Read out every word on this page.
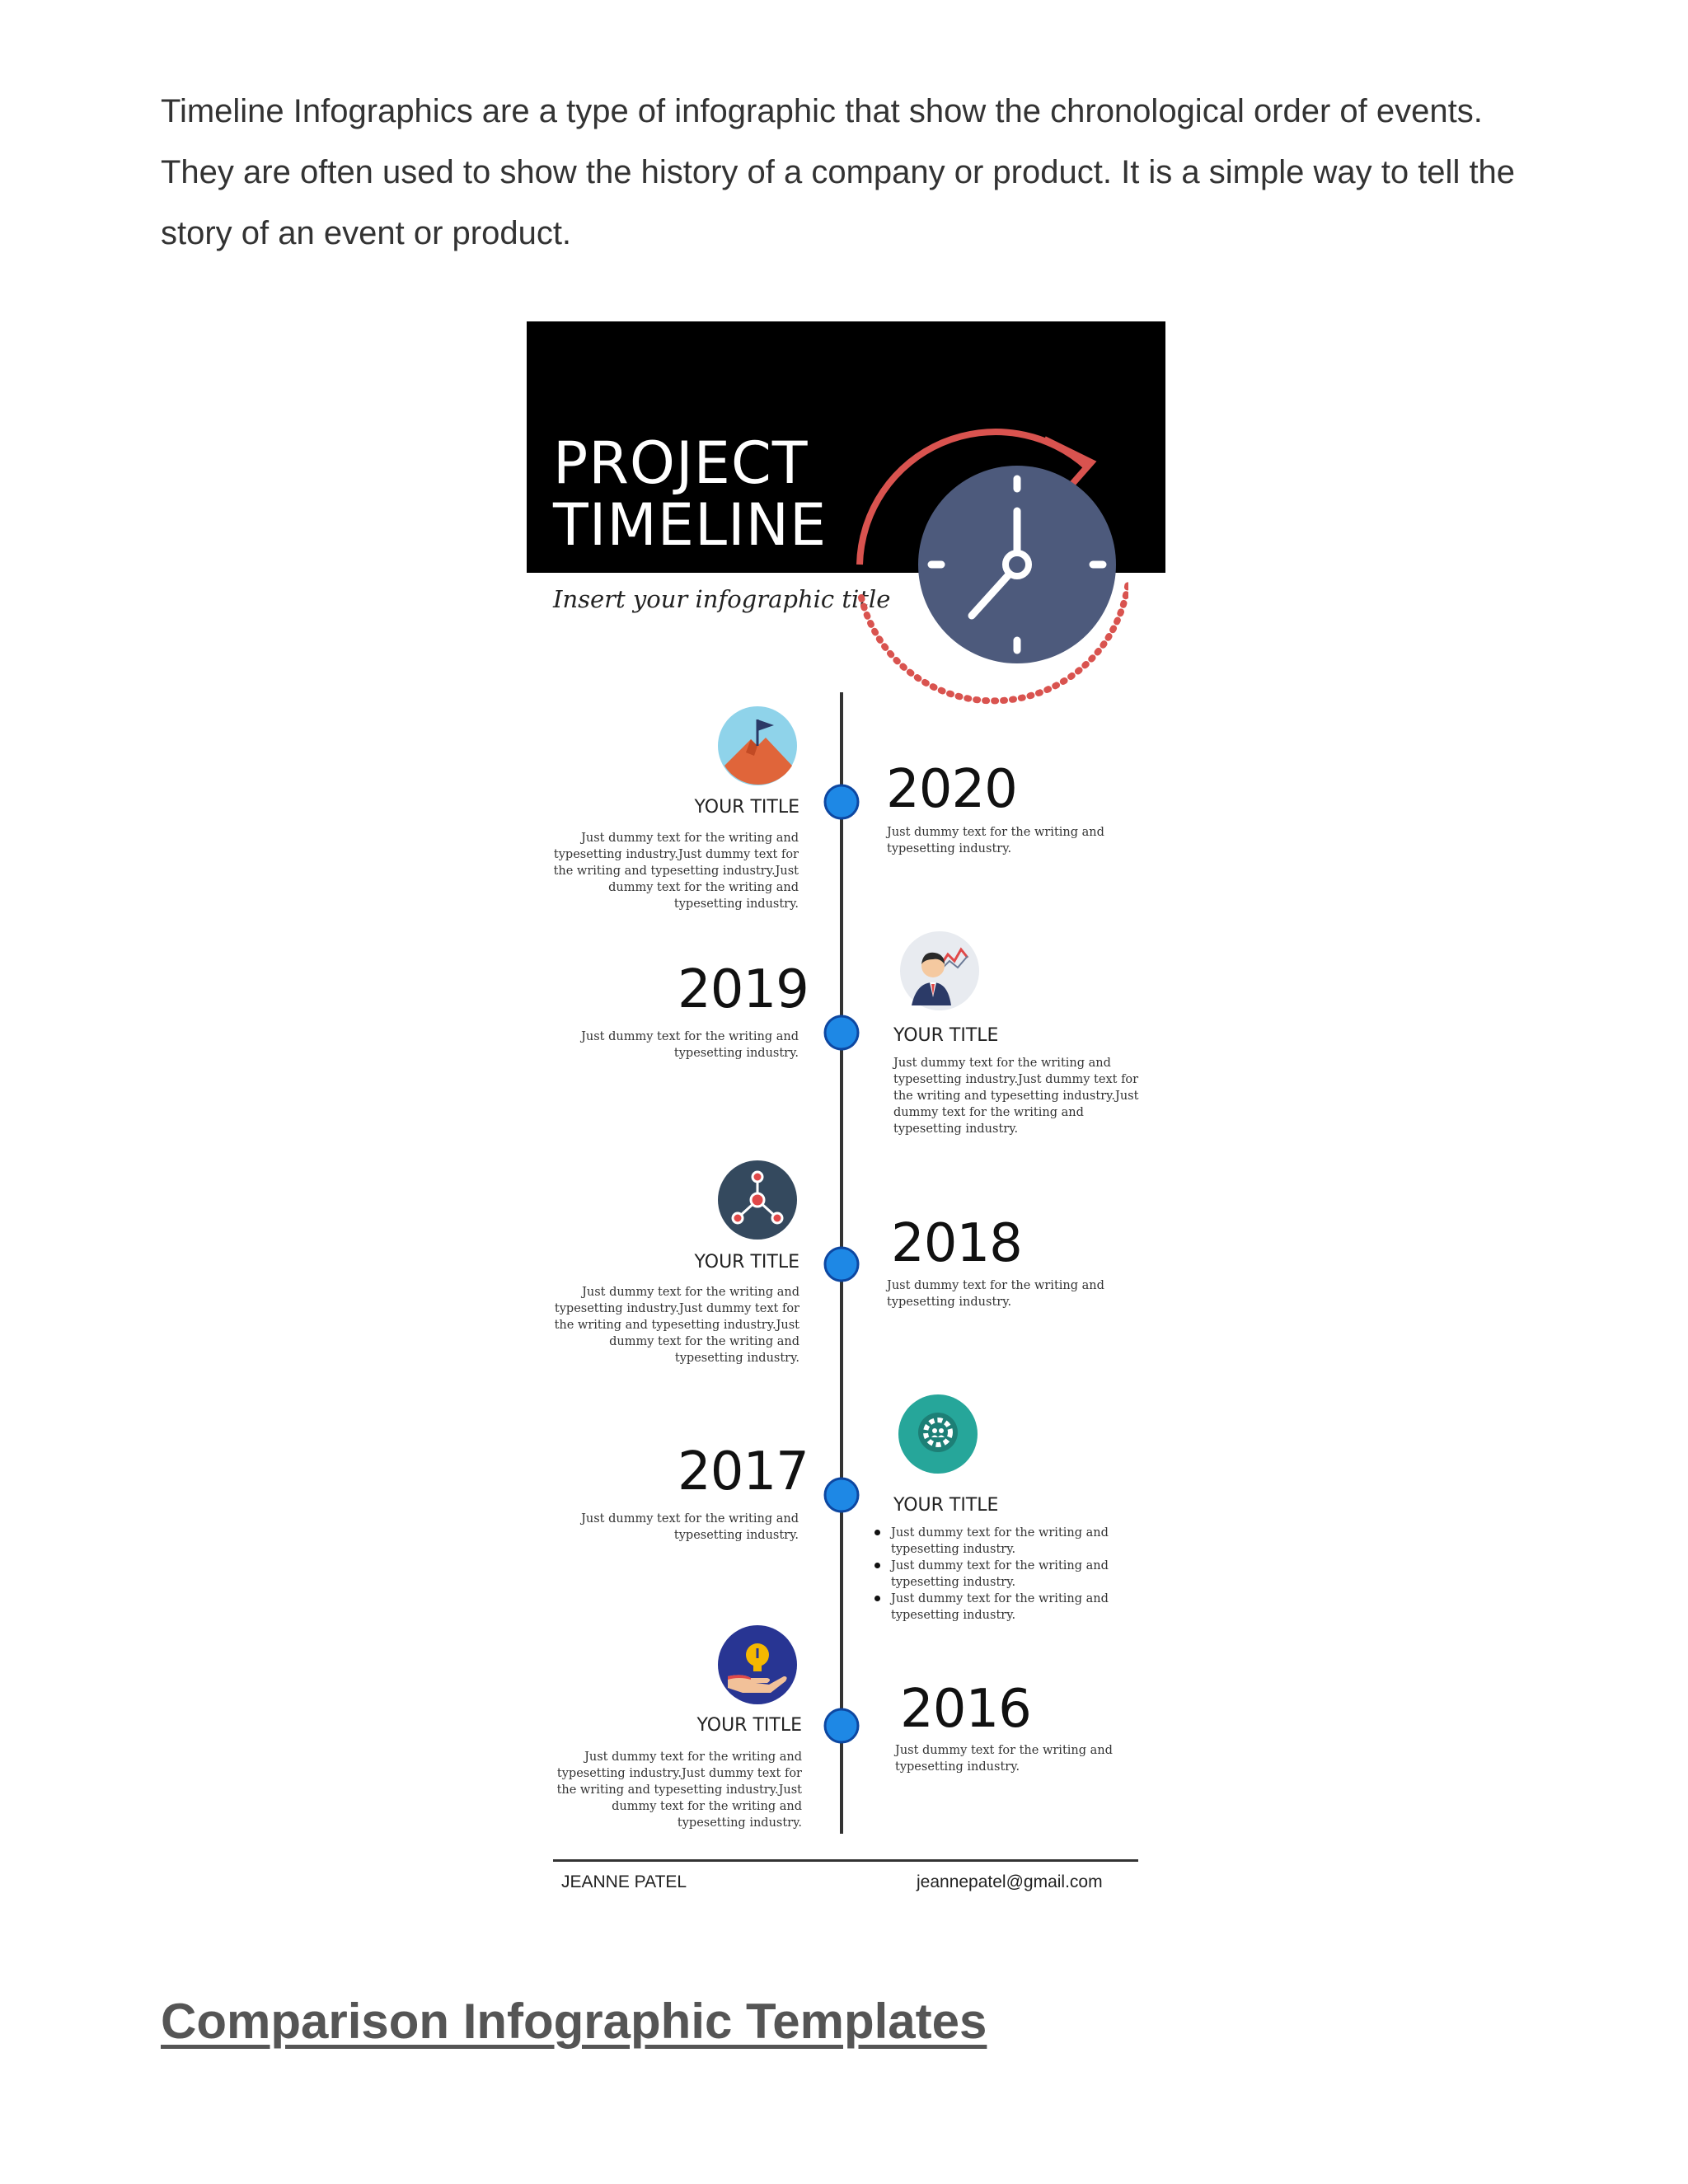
Timeline Infographics are a type of infographic that show the chronological order of events. They are often used to show the history of a company or product. It is a simple way to tell the story of an event or product.

PROJECT
TIMELINE
Insert your infographic title
YOUR TITLE
Just dummy text for the writing and typesetting industry.Just dummy text for the writing and typesetting industry.Just dummy text for the writing and typesetting industry.
2020
Just dummy text for the writing and typesetting industry.
2019
Just dummy text for the writing and typesetting industry.
YOUR TITLE
Just dummy text for the writing and typesetting industry.Just dummy text for the writing and typesetting industry.Just dummy text for the writing and typesetting industry.
YOUR TITLE
Just dummy text for the writing and typesetting industry.Just dummy text for the writing and typesetting industry.Just dummy text for the writing and typesetting industry.
2018
Just dummy text for the writing and typesetting industry.
2017
Just dummy text for the writing and typesetting industry.
YOUR TITLE
Just dummy text for the writing and typesetting industry.
Just dummy text for the writing and typesetting industry.
Just dummy text for the writing and typesetting industry.
YOUR TITLE
Just dummy text for the writing and typesetting industry.Just dummy text for the writing and typesetting industry.Just dummy text for the writing and typesetting industry.
2016
Just dummy text for the writing and typesetting industry.
JEANNE PATEL	jeannepatel@gmail.com
Comparison Infographic Templates
